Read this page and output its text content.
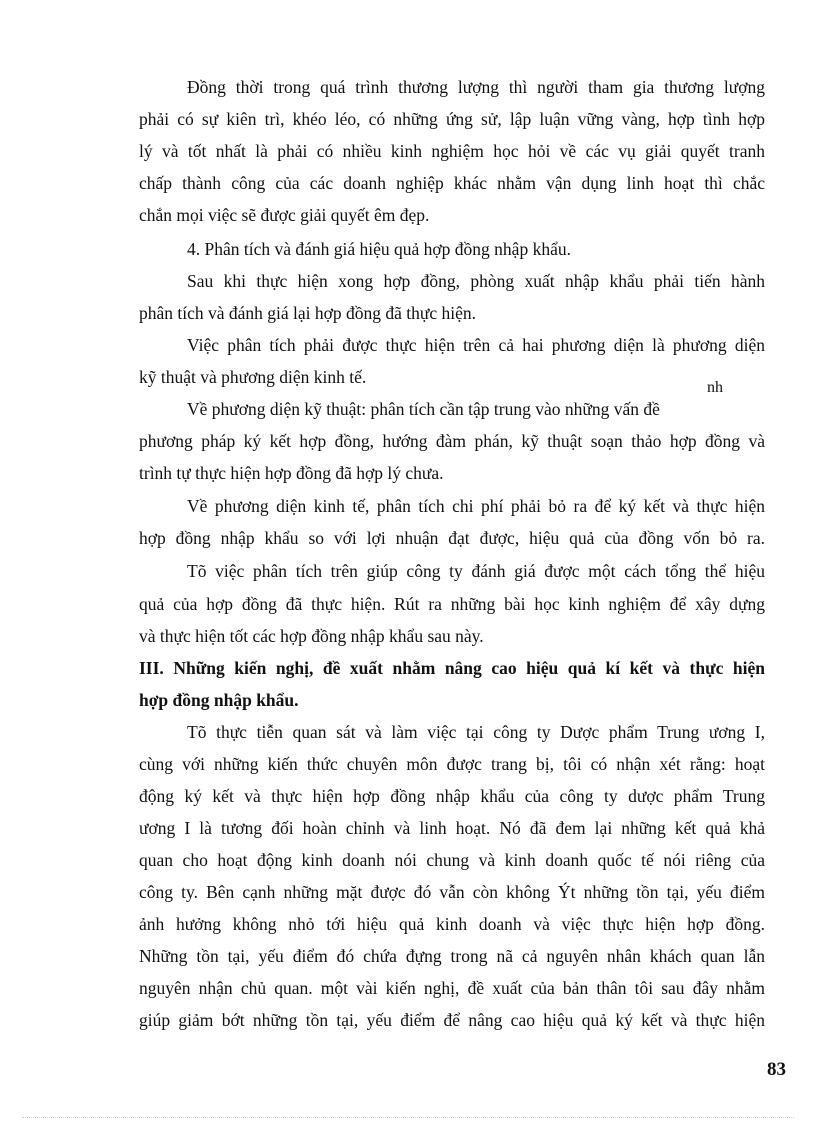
Đồng thời trong quá trình thương lượng thì người tham gia thương lượng
phải có sự kiên trì, khéo léo, có những ứng sử, lập luận vững vàng, hợp tình hợp
lý và tốt nhất là phải có nhiều kinh nghiệm học hỏi về các vụ giải quyết tranh
chấp thành công của các doanh nghiệp khác nhằm vận dụng linh hoạt thì chắc
chắn mọi việc sẽ được giải quyết êm đẹp.
4. Phân tích và đánh giá hiệu quả hợp đồng nhập khẩu.
Sau khi thực hiện xong hợp đồng, phòng xuất nhập khẩu phải tiến hành
phân tích và đánh giá lại hợp đồng đã thực hiện.
Việc phân tích phải được thực hiện trên cả hai phương diện là phương diện
kỹ thuật và phương diện kinh tế.
Về phương diện kỹ thuật: phân tích cần tập trung vào những vấn đề
nh
phương pháp ký kết hợp đồng, hướng đàm phán, kỹ thuật soạn thảo hợp đồng và
trình tự thực hiện hợp đồng đã hợp lý chưa.
Về phương diện kinh tế, phân tích chi phí phải bỏ ra để ký kết và thực hiện
hợp đồng nhập khẩu so với lợi nhuận đạt được, hiệu quả của đồng vốn bỏ ra.
Tõ việc phân tích trên giúp công ty đánh giá được một cách tổng thể hiệu
quả của hợp đồng đã thực hiện. Rút ra những bài học kinh nghiệm để xây dựng
và thực hiện tốt các hợp đồng nhập khẩu sau này.
III. Những kiến nghị, đề xuất nhằm nâng cao hiệu quả kí kết và thực hiện
hợp đồng nhập khẩu.
Tõ thực tiễn quan sát và làm việc tại công ty Dược phẩm Trung ương I,
cùng với những kiến thức chuyên môn được trang bị, tôi có nhận xét rằng: hoạt
động ký kết và thực hiện hợp đồng nhập khẩu của công ty dược phẩm Trung
ương I là tương đối hoàn chỉnh và linh hoạt. Nó đã đem lại những kết quả khả
quan cho hoạt động kinh doanh nói chung và kinh doanh quốc tế nói riêng của
công ty. Bên cạnh những mặt được đó vẫn còn không Ýt những tồn tại, yếu điểm
ảnh hưởng không nhỏ tới hiệu quả kinh doanh và việc thực hiện hợp đồng.
Những tồn tại, yếu điểm đó chứa đựng trong nã cả nguyên nhân khách quan lẫn
nguyên nhận chủ quan. một vài kiến nghị, đề xuất của bản thân tôi sau đây nhằm
giúp giảm bớt những tồn tại, yếu điểm để nâng cao hiệu quả ký kết và thực hiện
83
